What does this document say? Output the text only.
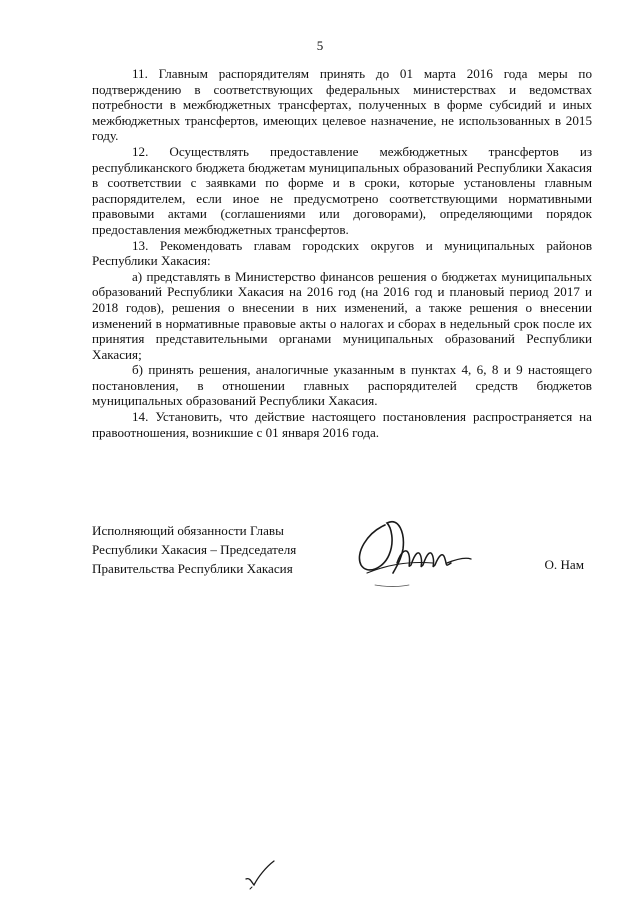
5

11. Главным распорядителям принять до 01 марта 2016 года меры по подтверждению в соответствующих федеральных министерствах и ведомствах потребности в межбюджетных трансфертах, полученных в форме субсидий и иных межбюджетных трансфертов, имеющих целевое назначение, не использованных в 2015 году.

12. Осуществлять предоставление межбюджетных трансфертов из республиканского бюджета бюджетам муниципальных образований Республики Хакасия в соответствии с заявками по форме и в сроки, которые установлены главным распорядителем, если иное не предусмотрено соответствующими нормативными правовыми актами (соглашениями или договорами), определяющими порядок предоставления межбюджетных трансфертов.

13. Рекомендовать главам городских округов и муниципальных районов Республики Хакасия:

а) представлять в Министерство финансов решения о бюджетах муниципальных образований Республики Хакасия на 2016 год (на 2016 год и плановый период 2017 и 2018 годов), решения о внесении в них изменений, а также решения о внесении изменений в нормативные правовые акты о налогах и сборах в недельный срок после их принятия представительными органами муниципальных образований Республики Хакасия;

б) принять решения, аналогичные указанным в пунктах 4, 6, 8 и 9 настоящего постановления, в отношении главных распорядителей средств бюджетов муниципальных образований Республики Хакасия.

14. Установить, что действие настоящего постановления распространяется на правоотношения, возникшие с 01 января 2016 года.

Исполняющий обязанности Главы
Республики Хакасия – Председателя
Правительства Республики Хакасия	О. Нам
